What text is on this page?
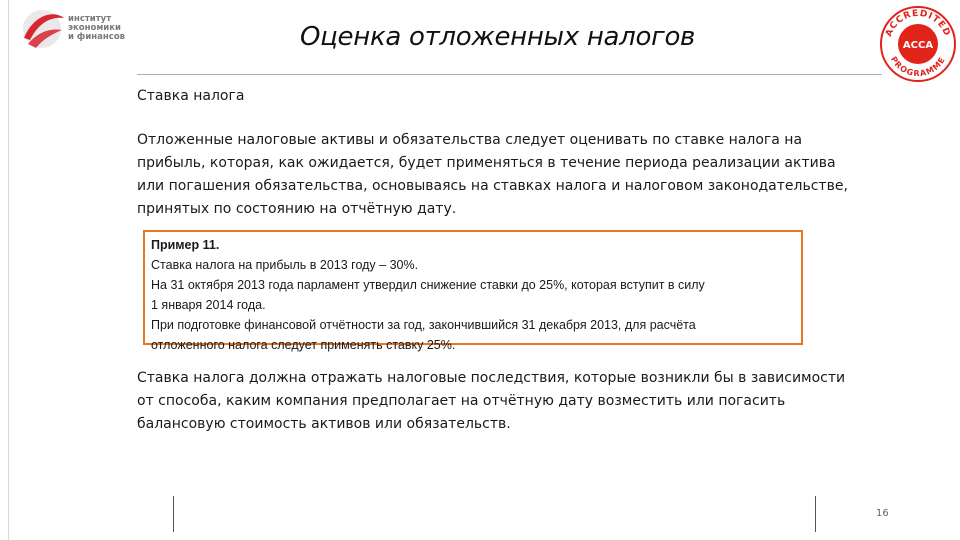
институт
экономики
и финансов	Оценка отложенных налогов	ACCREDITED
PROGRAMME
ACCA
Ставка налога
Отложенные налоговые активы и обязательства следует оценивать по ставке налога на прибыль, которая, как ожидается, будет применяться в течение периода реализации актива или погашения обязательства, основываясь на ставках налога и налоговом законодательстве, принятых по состоянию на отчётную дату.
Пример 11.
Ставка налога на прибыль в 2013 году – 30%.
На 31 октября 2013 года парламент утвердил снижение ставки до 25%, которая вступит в силу
1 января 2014 года.
При подготовке финансовой отчётности за год, закончившийся 31 декабря 2013, для расчёта
отложенного налога следует применять ставку 25%.
Ставка налога должна отражать налоговые последствия, которые возникли бы в зависимости от способа, каким компания предполагает на отчётную дату возместить или погасить балансовую стоимость активов или обязательств.
16
